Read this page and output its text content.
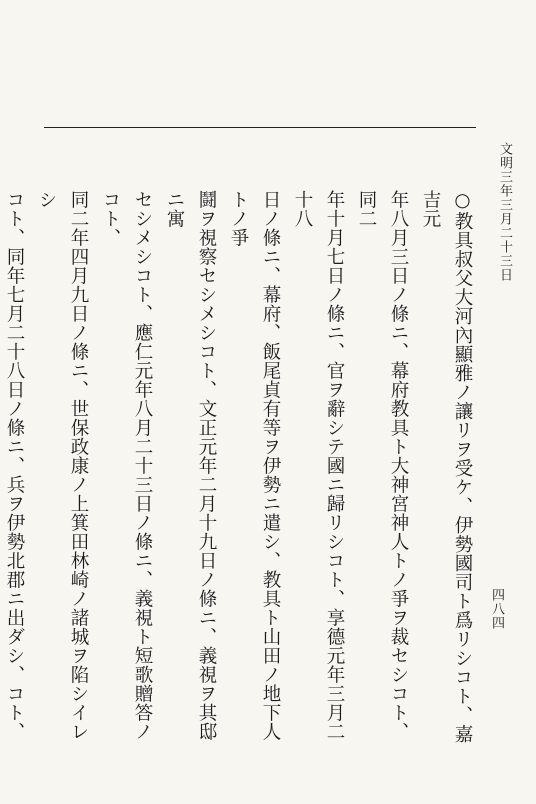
文明三年三月二十三日
四八四
○教具叔父大河內顯雅ノ讓リヲ受ケ、伊勢國司ト爲リシコト、嘉吉元
年八月三日ノ條ニ、幕府教具ト大神宮神人トノ爭ヲ裁セシコト、同二
年十月七日ノ條ニ、官ヲ辭シテ國ニ歸リシコト、享德元年三月二十八
日ノ條ニ、幕府、飯尾貞有等ヲ伊勢ニ遣シ、教具ト山田ノ地下人トノ爭
鬪ヲ視察セシメシコト、文正元年二月十九日ノ條ニ、義視ヲ其邸ニ寓
セシメシコト、應仁元年八月二十三日ノ條ニ、義視ト短歌贈答ノコト、
同二年四月九日ノ條ニ、世保政康ノ上箕田林崎ノ諸城ヲ陷シイレシ
コト、同年七月二十八日ノ條ニ、兵ヲ伊勢北郡ニ出ダシ、コト、
